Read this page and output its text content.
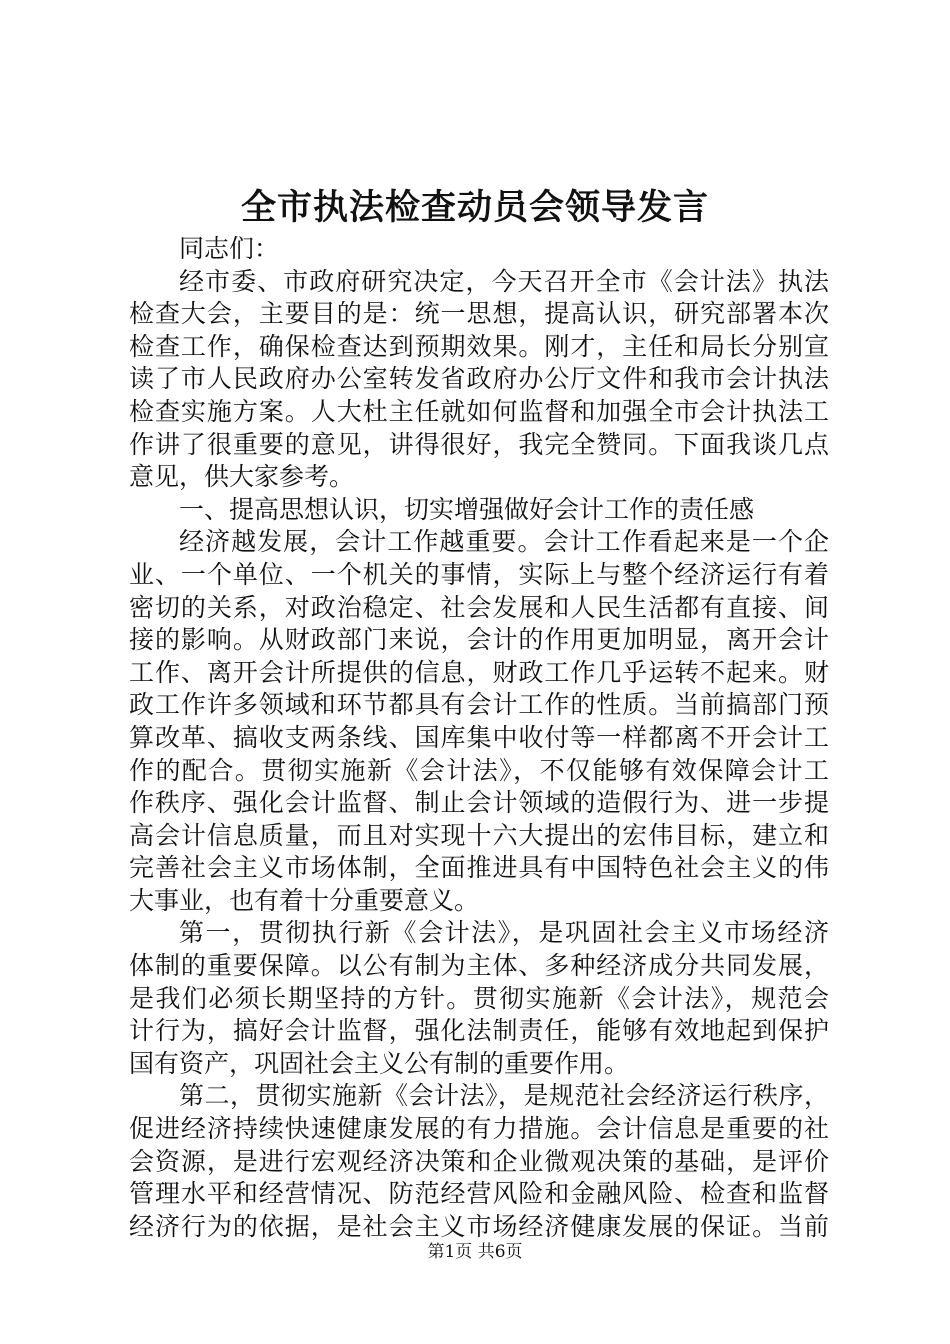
全市执法检查动员会领导发言
同志们：
经市委、市政府研究决定，今天召开全市《会计法》执法
检查大会，主要目的是：统一思想，提高认识，研究部署本次
检查工作，确保检查达到预期效果。刚才，主任和局长分别宣
读了市人民政府办公室转发省政府办公厅文件和我市会计执法
检查实施方案。人大杜主任就如何监督和加强全市会计执法工
作讲了很重要的意见，讲得很好，我完全赞同。下面我谈几点
意见，供大家参考。
一、提高思想认识，切实增强做好会计工作的责任感
经济越发展，会计工作越重要。会计工作看起来是一个企
业、一个单位、一个机关的事情，实际上与整个经济运行有着
密切的关系，对政治稳定、社会发展和人民生活都有直接、间
接的影响。从财政部门来说，会计的作用更加明显，离开会计
工作、离开会计所提供的信息，财政工作几乎运转不起来。财
政工作许多领域和环节都具有会计工作的性质。当前搞部门预
算改革、搞收支两条线、国库集中收付等一样都离不开会计工
作的配合。贯彻实施新《会计法》，不仅能够有效保障会计工
作秩序、强化会计监督、制止会计领域的造假行为、进一步提
高会计信息质量，而且对实现十六大提出的宏伟目标，建立和
完善社会主义市场体制，全面推进具有中国特色社会主义的伟
大事业，也有着十分重要意义。
第一，贯彻执行新《会计法》，是巩固社会主义市场经济
体制的重要保障。以公有制为主体、多种经济成分共同发展，
是我们必须长期坚持的方针。贯彻实施新《会计法》，规范会
计行为，搞好会计监督，强化法制责任，能够有效地起到保护
国有资产，巩固社会主义公有制的重要作用。
第二，贯彻实施新《会计法》，是规范社会经济运行秩序，
促进经济持续快速健康发展的有力措施。会计信息是重要的社
会资源，是进行宏观经济决策和企业微观决策的基础，是评价
管理水平和经营情况、防范经营风险和金融风险、检查和监督
经济行为的依据，是社会主义市场经济健康发展的保证。当前
第1页 共6页
